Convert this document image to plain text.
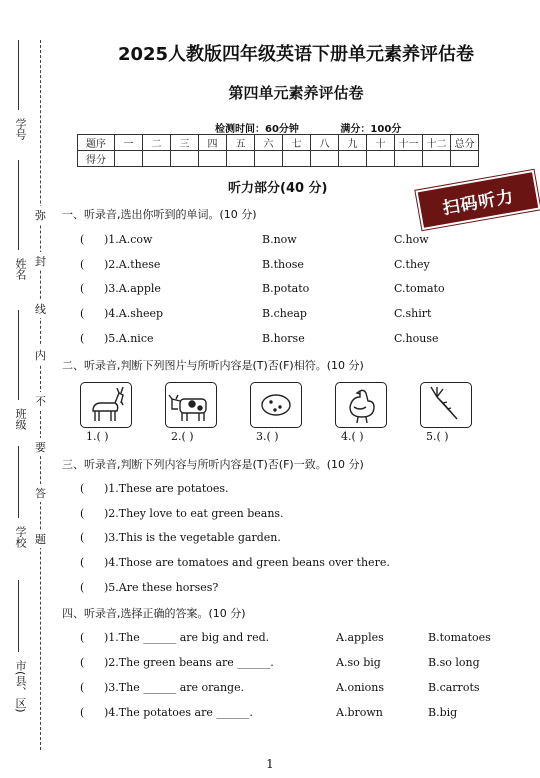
学号
姓名
班级
学校
市(县、区)
弥
封
线
内
不
要
答
题
2025人教版四年级英语下册单元素养评估卷
第四单元素养评估卷
检测时间：60分钟	满分：100分
题序	一	二	三	四	五	六	七	八	九	十	十一	十二	总分
得分													
听力部分(40 分)	扫码听力
一、听录音,选出你听到的单词。(10 分)
( )1.A.cow	B.now	C.how
( )2.A.these	B.those	C.they
( )3.A.apple	B.potato	C.tomato
( )4.A.sheep	B.cheap	C.shirt
( )5.A.nice	B.horse	C.house
二、听录音,判断下列图片与所听内容是(T)否(F)相符。(10 分)
1.( )	2.( )	3.( )	4.( )	5.( )
三、听录音,判断下列内容与所听内容是(T)否(F)一致。(10 分)
( )1.These are potatoes.
( )2.They love to eat green beans.
( )3.This is the vegetable garden.
( )4.Those are tomatoes and green beans over there.
( )5.Are these horses?
四、听录音,选择正确的答案。(10 分)
( )1.The ______ are big and red.	A.apples	B.tomatoes
( )2.The green beans are ______.	A.so big	B.so long
( )3.The ______ are orange.	A.onions	B.carrots
( )4.The potatoes are ______.	A.brown	B.big
1
